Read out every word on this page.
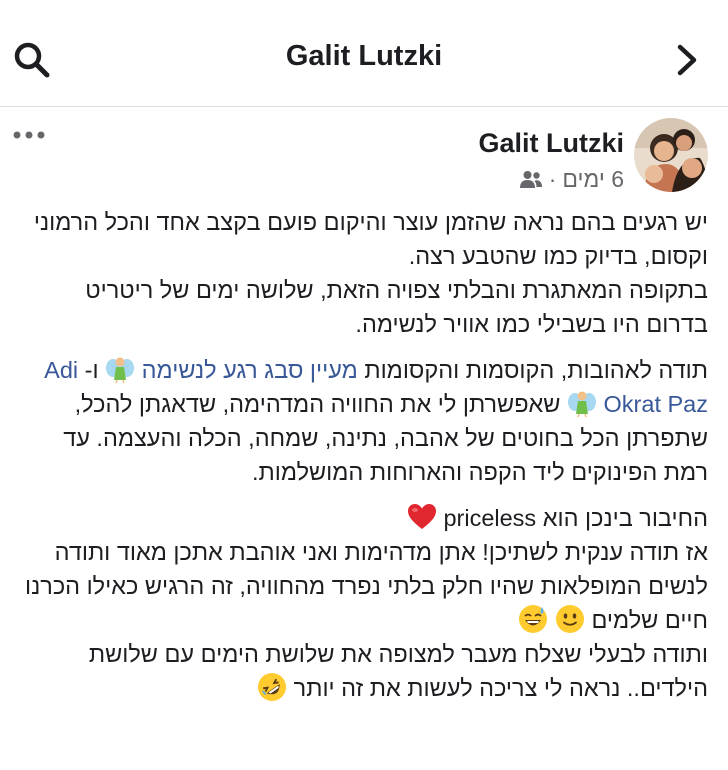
Galit Lutzki
Galit Lutzki
6 ימים
·

יש רגעים בהם נראה שהזמן עוצר והיקום פועם בקצב אחד והכל הרמוני וקסום, בדיוק כמו שהטבע רצה.

בתקופה המאתגרת והבלתי צפויה הזאת, שלושה ימים של ריטריט בדרום היו בשבילי כמו אוויר לנשימה.

תודה לאהובות, הקוסמות והקסומות מעיין סבג רגע לנשימה  ו- Adi Okrat Paz  שאפשרתן לי את החוויה המדהימה, שדאגתן להכל, שתפרתן הכל בחוטים של אהבה, נתינה, שמחה, הכלה והעצמה. עד רמת הפינוקים ליד הקפה והארוחות המושלמות.

החיבור בינכן הוא priceless

אז תודה ענקית לשתיכן! אתן מדהימות ואני אוהבת אתכן מאוד ותודה לנשים המופלאות שהיו חלק בלתי נפרד מהחוויה, זה הרגיש כאילו הכרנו חיים שלמים

ותודה לבעלי שצלח מעבר למצופה את שלושת הימים עם שלושת הילדים.. נראה לי צריכה לעשות את זה יותר
